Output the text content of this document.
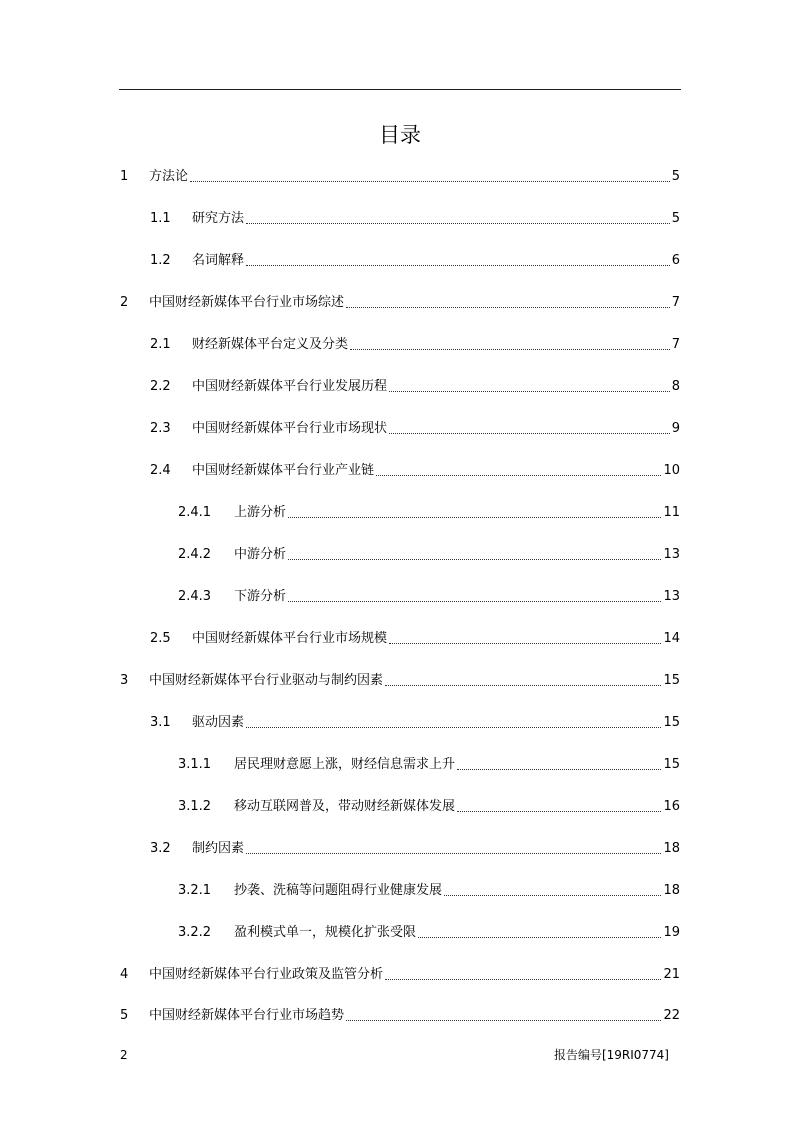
目录
1	方法论	5
1.1	研究方法	5
1.2	名词解释	6
2	中国财经新媒体平台行业市场综述	7
2.1	财经新媒体平台定义及分类	7
2.2	中国财经新媒体平台行业发展历程	8
2.3	中国财经新媒体平台行业市场现状	9
2.4	中国财经新媒体平台行业产业链	10
2.4.1	上游分析	11
2.4.2	中游分析	13
2.4.3	下游分析	13
2.5	中国财经新媒体平台行业市场规模	14
3	中国财经新媒体平台行业驱动与制约因素	15
3.1	驱动因素	15
3.1.1	居民理财意愿上涨，财经信息需求上升	15
3.1.2	移动互联网普及，带动财经新媒体发展	16
3.2	制约因素	18
3.2.1	抄袭、洗稿等问题阻碍行业健康发展	18
3.2.2	盈利模式单一，规模化扩张受限	19
4	中国财经新媒体平台行业政策及监管分析	21
5	中国财经新媒体平台行业市场趋势	22
2	报告编号[19RI0774]
